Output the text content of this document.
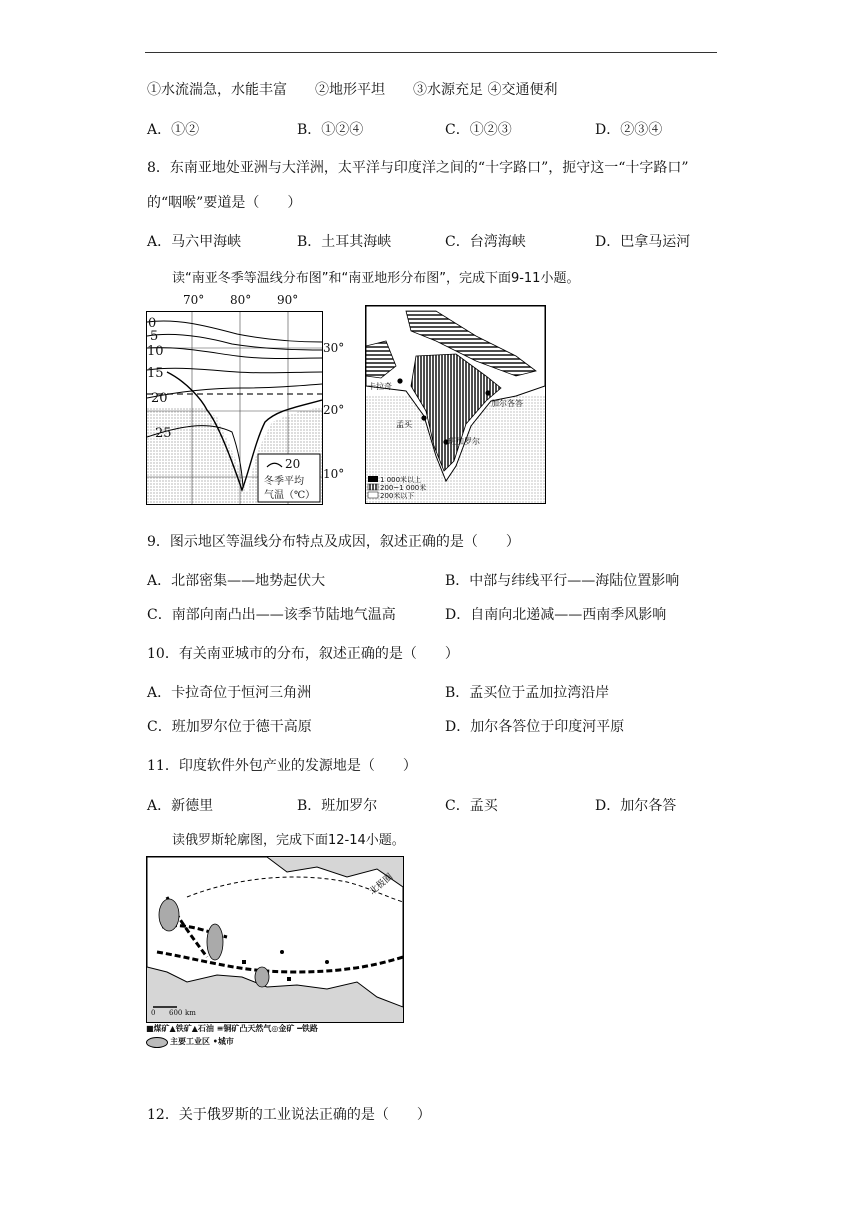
①水流湍急，水能丰富　　②地形平坦　　③水源充足 ④交通便利
A．①②	B．①②④	C．①②③	D．②③④
8．东南亚地处亚洲与大洋洲，太平洋与印度洋之间的“十字路口”，扼守这一“十字路口”
的“咽喉”要道是（　　）
A．马六甲海峡	B．土耳其海峡	C．台湾海峡	D．巴拿马运河
读“南亚冬季等温线分布图”和“南亚地形分布图”，完成下面9-11小题。
70° 80° 90°
30°
20°
10°
0
5
10
15
20
25
20
冬季平均
气温（℃）
卡拉奇
孟买
班加罗尔
加尔各答
1 000米以上
200~1 000米
200米以下
9．图示地区等温线分布特点及成因，叙述正确的是（　　）
A．北部密集——地势起伏大	B．中部与纬线平行——海陆位置影响
C．南部向南凸出——该季节陆地气温高	D．自南向北递减——西南季风影响
10．有关南亚城市的分布，叙述正确的是（　　）
A．卡拉奇位于恒河三角洲	B．孟买位于孟加拉湾沿岸
C．班加罗尔位于德干高原	D．加尔各答位于印度河平原
11．印度软件外包产业的发源地是（　　）
A．新德里	B．班加罗尔	C．孟买	D．加尔各答
读俄罗斯轮廓图，完成下面12-14小题。
北极圈
0 600 km
■煤矿▲铁矿▲石油 ≡铜矿凸天然气◎金矿 ━铁路
主要工业区 •城市
12．关于俄罗斯的工业说法正确的是（　　）
